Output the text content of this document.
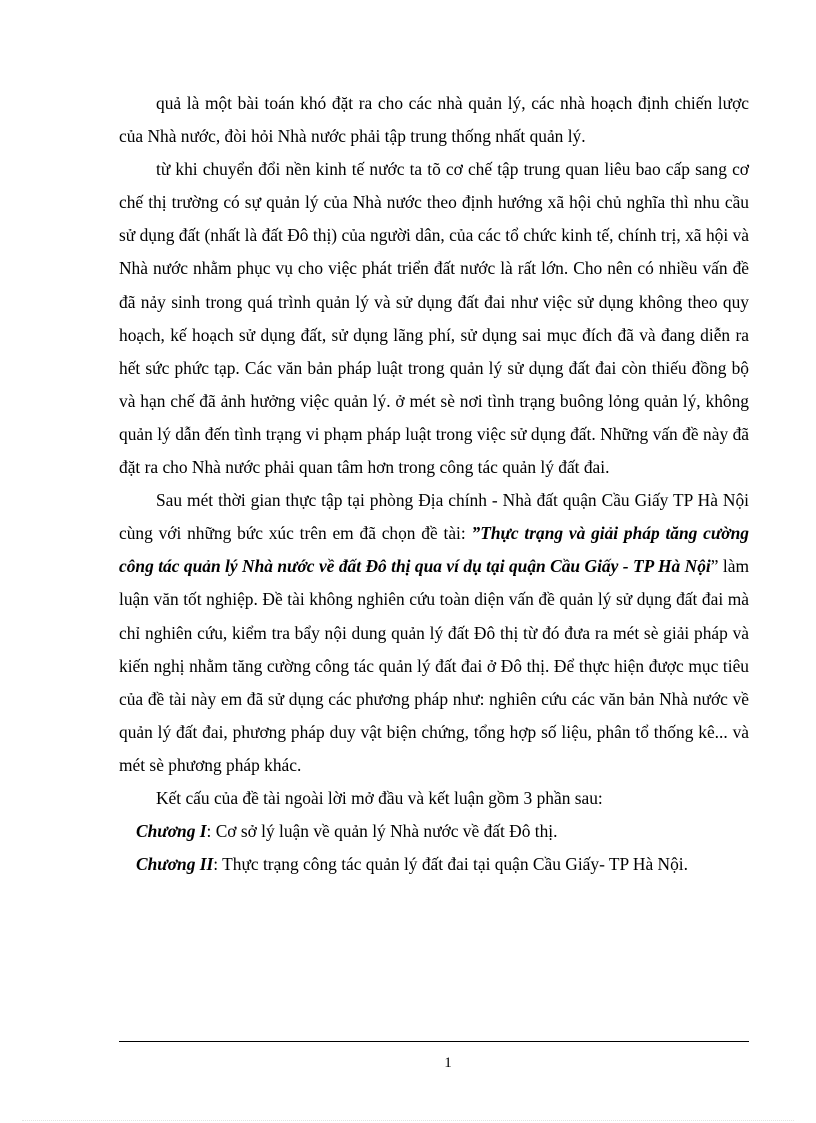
quả là một bài toán khó đặt ra cho các nhà quản lý, các nhà hoạch định chiến lược của Nhà nước, đòi hỏi Nhà nước phải tập trung thống nhất quản lý.

từ khi chuyển đổi nền kinh tế nước ta tõ cơ chế tập trung quan liêu bao cấp sang cơ chế thị trường có sự quản lý của Nhà nước theo định hướng xã hội chủ nghĩa thì nhu cầu sử dụng đất (nhất là đất Đô thị) của người dân, của các tổ chức kinh tế, chính trị, xã hội và Nhà nước nhằm phục vụ cho việc phát triển đất nước là rất lớn. Cho nên có nhiều vấn đề đã nảy sinh trong quá trình quản lý và sử dụng đất đai như việc sử dụng không theo quy hoạch, kế hoạch sử dụng đất, sử dụng lãng phí, sử dụng sai mục đích đã và đang diễn ra hết sức phức tạp. Các văn bản pháp luật trong quản lý sử dụng đất đai còn thiếu đồng bộ và hạn chế đã ảnh hưởng việc quản lý. ở mét sè nơi tình trạng buông lỏng quản lý, không quản lý dẫn đến tình trạng vi phạm pháp luật trong việc sử dụng đất. Những vấn đề này đã đặt ra cho Nhà nước phải quan tâm hơn trong công tác quản lý đất đai.

Sau mét thời gian thực tập tại phòng Địa chính - Nhà đất quận Cầu Giấy TP Hà Nội cùng với những bức xúc trên em đã chọn đề tài: ”Thực trạng và giải pháp tăng cường công tác quản lý Nhà nước về đất Đô thị qua ví dụ tại quận Cầu Giấy - TP Hà Nội” làm luận văn tốt nghiệp. Đề tài không nghiên cứu toàn diện vấn đề quản lý sử dụng đất đai mà chỉ nghiên cứu, kiểm tra bẩy nội dung quản lý đất Đô thị từ đó đưa ra mét sè giải pháp và kiến nghị nhằm tăng cường công tác quản lý đất đai ở Đô thị. Để thực hiện được mục tiêu của đề tài này em đã sử dụng các phương pháp như: nghiên cứu các văn bản Nhà nước về quản lý đất đai, phương pháp duy vật biện chứng, tổng hợp số liệu, phân tổ thống kê... và mét sè phương pháp khác.

Kết cấu của đề tài ngoài lời mở đầu và kết luận gồm 3 phần sau:

Chương I: Cơ sở lý luận về quản lý Nhà nước về đất Đô thị.

Chương II: Thực trạng công tác quản lý đất đai tại quận Cầu Giấy- TP Hà Nội.

1
